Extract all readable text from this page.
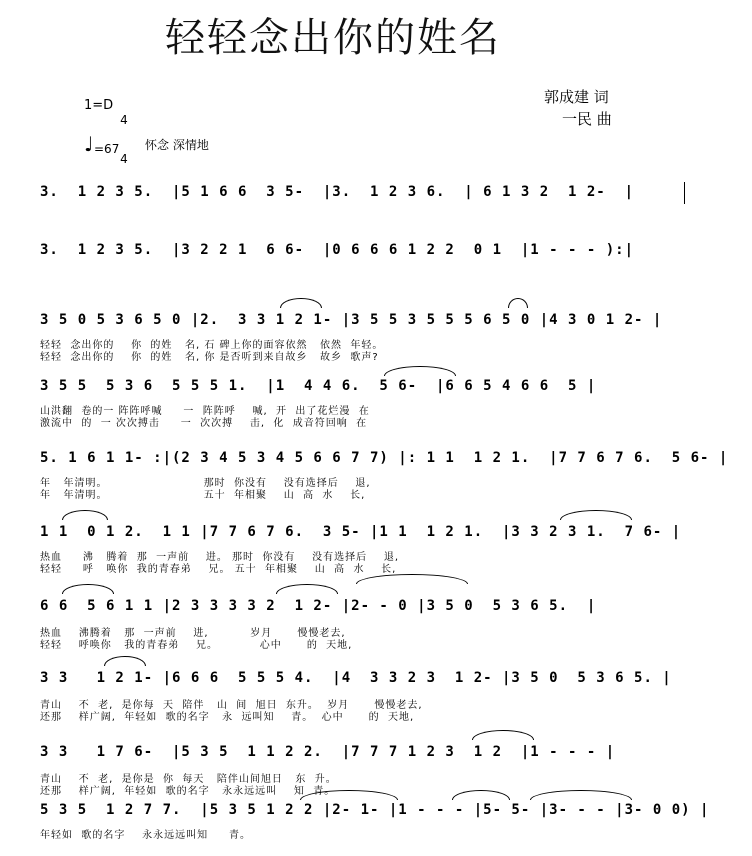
轻轻念出你的姓名
1=D

4

4

♩ =67 怀念 深情地
郭成建 词
一民 曲
3.  1 2 3 5.  |5 1 6 6  3 5-  |3.  1 2 3 6.  | 6 1 3 2  1 2-  |
3.  1 2 3 5.  |3 2 2 1  6 6-  |0 6 6 6 1 2 2  0 1  |1 - - - ):|
3 5 0 5 3 6 5 0 |2.  3 3 1 2 1- |3 5 5 3 5 5 5 6 5 0 |4 3 0 1 2- |
轻轻  念出你的    你  的姓   名, 石 碑上你的面容依然   依然  年轻。
轻轻  念出你的    你  的姓   名, 你 是否听到来自故乡   故乡  歌声?
3 5 5  5 3 6  5 5 5 1.  |1  4 4 6.  5 6-  |6 6 5 4 6 6  5 |
山洪翻  卷的一 阵阵呼喊     一  阵阵呼    喊,  开  出了花烂漫  在
激流中  的  一 次次搏击     一  次次搏    击,  化  成音符回响  在
5. 1 6 1 1- :|(2 3 4 5 3 4 5 6 6 7 7) |: 1 1  1 2 1.  |7 7 6 7 6.  5 6- |
年   年清明。                       那时  你没有    没有选择后    退,
年   年清明。                       五十  年相聚    山  高  水    长,
1 1  0 1 2.  1 1 |7 7 6 7 6.  3 5- |1 1  1 2 1.  |3 3 2 3 1.  7 6- |
热血     沸   腾着  那  一声前    进。 那时  你没有    没有选择后    退,
轻轻     呼   唤你  我的青春弟    兄。 五十  年相聚    山  高  水    长,
6 6  5 6 1 1 |2 3 3 3 3 2  1 2- |2- - 0 |3 5 0  5 3 6 5.  |
热血    沸腾着   那  一声前    进,          岁月      慢慢老去,
轻轻    呼唤你   我的青春弟    兄。          心中      的  天地,
3 3   1 2 1- |6 6 6  5 5 5 4.  |4  3 3 2 3  1 2- |3 5 0  5 3 6 5. |
青山    不  老,  是你每  天  陪伴   山  间  旭日  东升。  岁月      慢慢老去,
还那    样广阔,  年轻如  歌的名字   永  远叫知    青。  心中      的  天地,
3 3   1 7 6-  |5 3 5  1 1 2 2.  |7 7 7 1 2 3  1 2  |1 - - - |
青山    不  老,  是你是  你  每天   陪伴山间旭日   东  升。
还那    样广阔,  年轻如  歌的名字   永永远远叫    知  青。
5 3 5  1 2 7 7.  |5 3 5 1 2 2 |2- 1- |1 - - - |5- 5- |3- - - |3- 0 0) |
年轻如  歌的名字    永永远远叫知     青。
